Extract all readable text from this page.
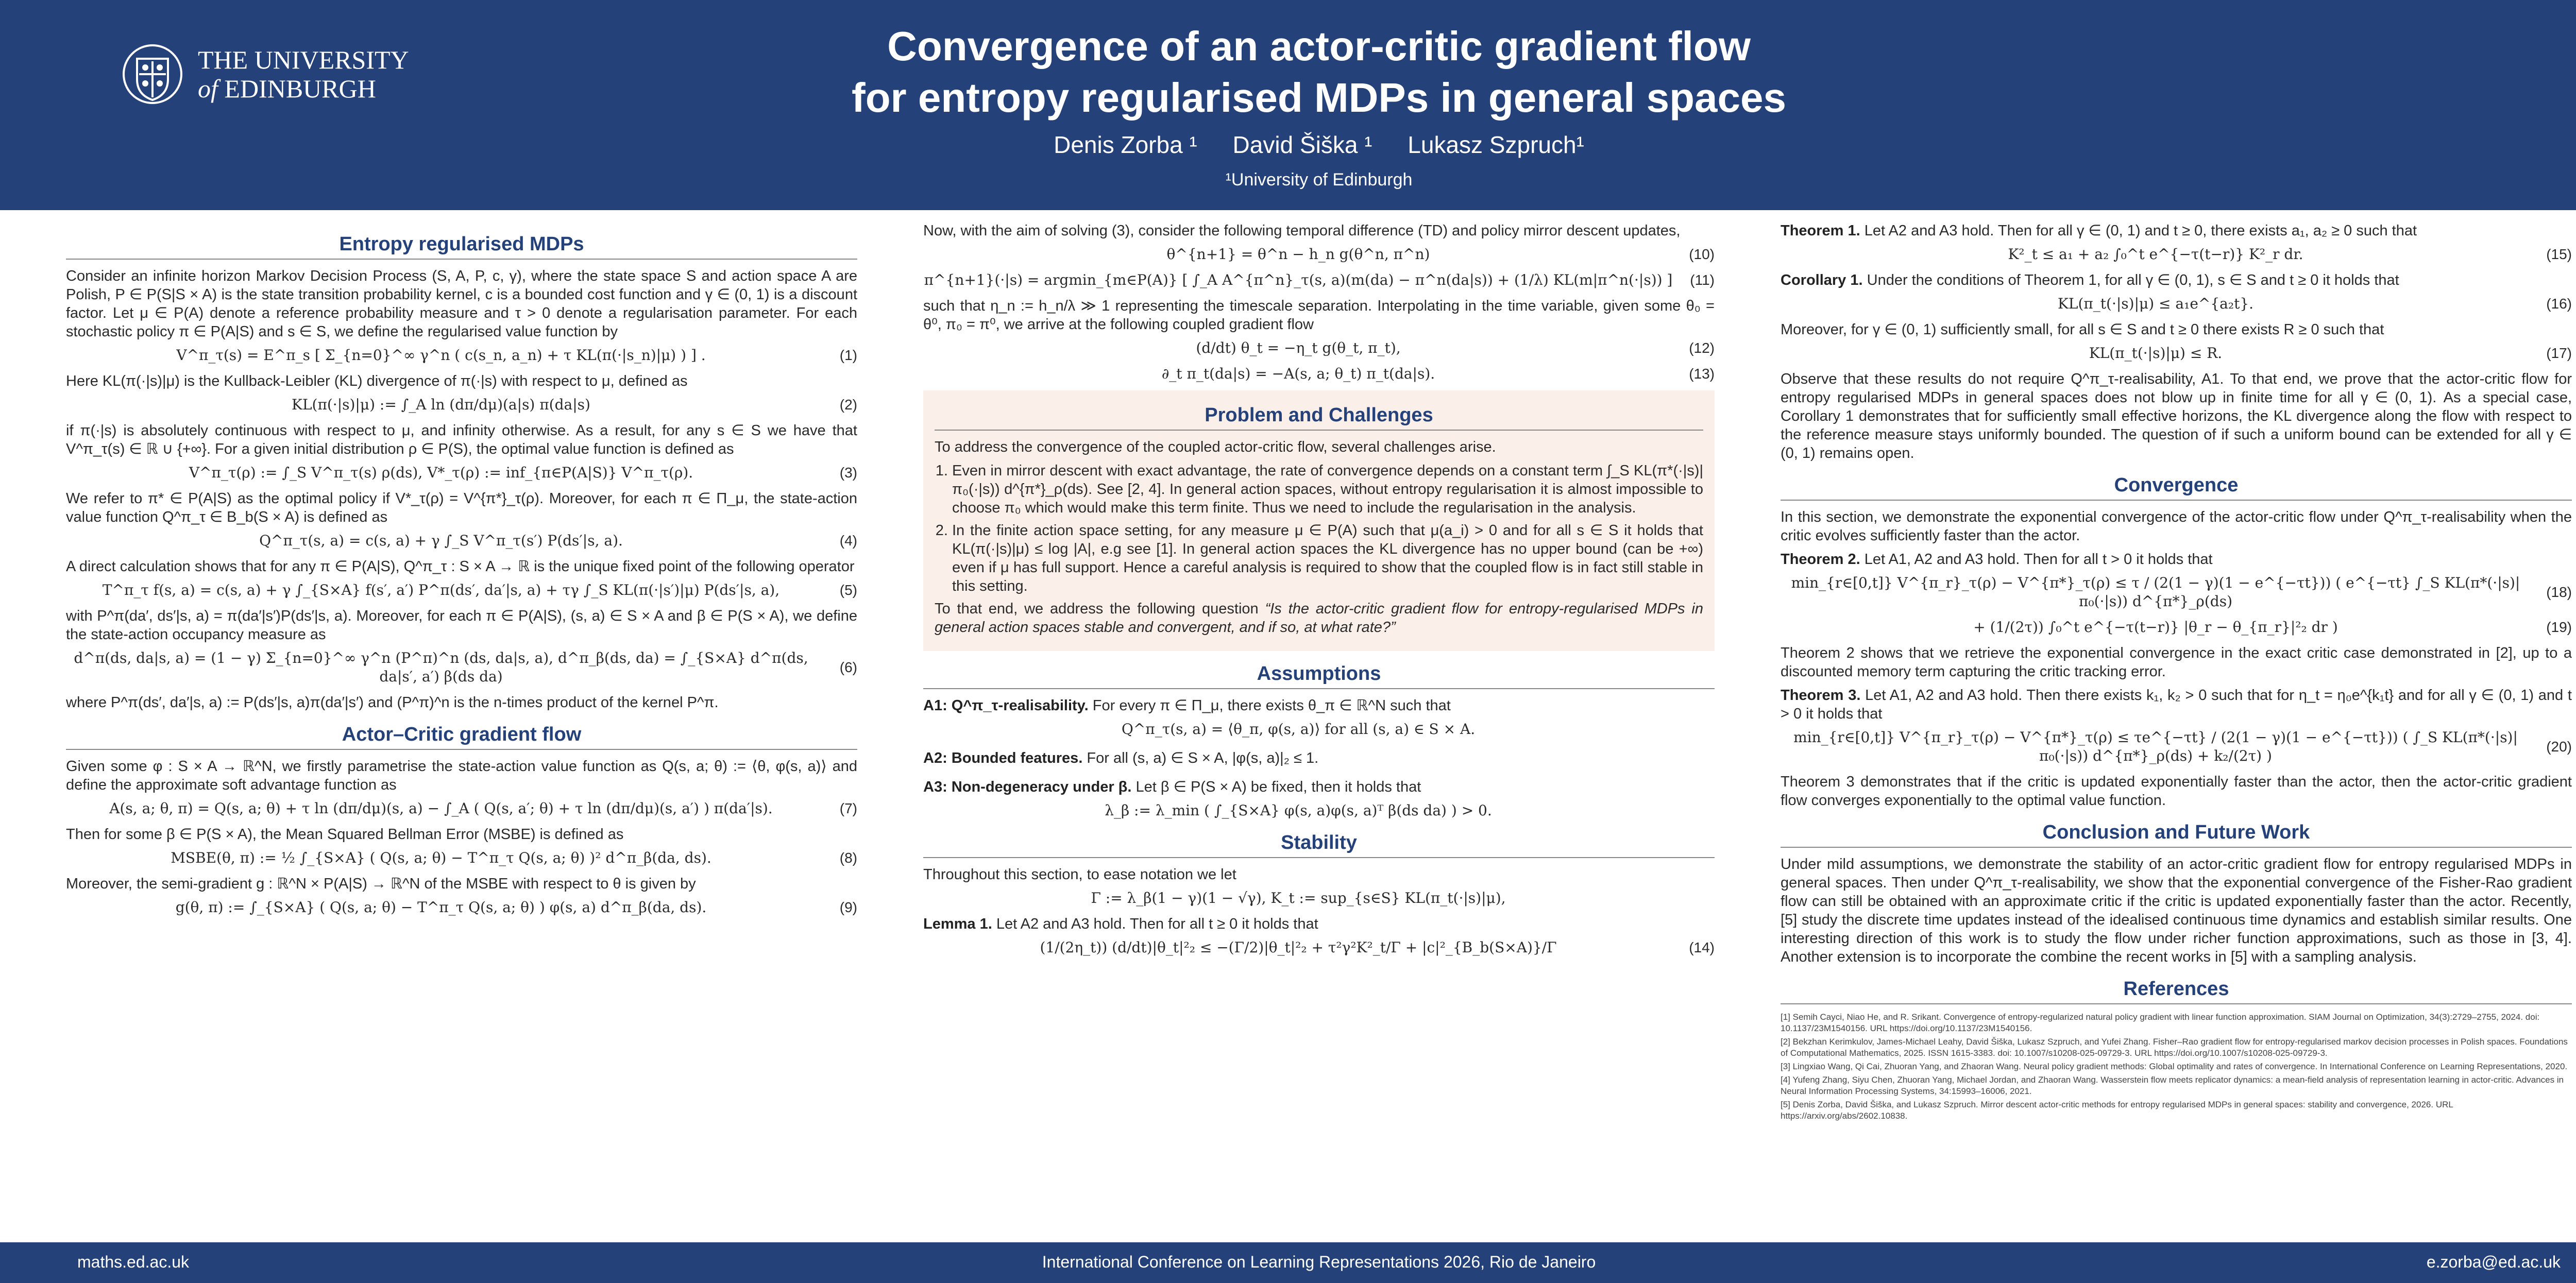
THE UNIVERSITY
of EDINBURGH
Convergence of an actor-critic gradient flow
for entropy regularised MDPs in general spaces
Denis Zorba ¹ David Šiška ¹ Lukasz Szpruch¹
¹University of Edinburgh
Entropy regularised MDPs

Consider an infinite horizon Markov Decision Process (S, A, P, c, γ), where the state space S and action space A are Polish, P ∈ P(S|S × A) is the state transition probability kernel, c is a bounded cost function and γ ∈ (0, 1) is a discount factor. Let μ ∈ P(A) denote a reference probability measure and τ > 0 denote a regularisation parameter. For each stochastic policy π ∈ P(A|S) and s ∈ S, we define the regularised value function by

V^π_τ(s) = E^π_s [ Σ_{n=0}^∞ γ^n ( c(s_n, a_n) + τ KL(π(·|s_n)|μ) ) ] .	(1)

Here KL(π(·|s)|μ) is the Kullback-Leibler (KL) divergence of π(·|s) with respect to μ, defined as

KL(π(·|s)|μ) := ∫_A ln (dπ/dμ)(a|s) π(da|s)	(2)

if π(·|s) is absolutely continuous with respect to μ, and infinity otherwise. As a result, for any s ∈ S we have that V^π_τ(s) ∈ ℝ ∪ {+∞}. For a given initial distribution ρ ∈ P(S), the optimal value function is defined as

V^π_τ(ρ) := ∫_S V^π_τ(s) ρ(ds), V*_τ(ρ) := inf_{π∈P(A|S)} V^π_τ(ρ).	(3)

We refer to π* ∈ P(A|S) as the optimal policy if V*_τ(ρ) = V^{π*}_τ(ρ). Moreover, for each π ∈ Π_μ, the state-action value function Q^π_τ ∈ B_b(S × A) is defined as

Q^π_τ(s, a) = c(s, a) + γ ∫_S V^π_τ(s′) P(ds′|s, a).	(4)

A direct calculation shows that for any π ∈ P(A|S), Q^π_τ : S × A → ℝ is the unique fixed point of the following operator

T^π_τ f(s, a) = c(s, a) + γ ∫_{S×A} f(s′, a′) P^π(ds′, da′|s, a) + τγ ∫_S KL(π(·|s′)|μ) P(ds′|s, a),	(5)

with P^π(da′, ds′|s, a) = π(da′|s′)P(ds′|s, a). Moreover, for each π ∈ P(A|S), (s, a) ∈ S × A and β ∈ P(S × A), we define the state-action occupancy measure as

d^π(ds, da|s, a) = (1 − γ) Σ_{n=0}^∞ γ^n (P^π)^n (ds, da|s, a), d^π_β(ds, da) = ∫_{S×A} d^π(ds, da|s′, a′) β(ds da)
(6)

where P^π(ds′, da′|s, a) := P(ds′|s, a)π(da′|s′) and (P^π)^n is the n-times product of the kernel P^π.

Actor–Critic gradient flow

Given some φ : S × A → ℝ^N, we firstly parametrise the state-action value function as Q(s, a; θ) := ⟨θ, φ(s, a)⟩ and define the approximate soft advantage function as

A(s, a; θ, π) = Q(s, a; θ) + τ ln (dπ/dμ)(s, a) − ∫_A ( Q(s, a′; θ) + τ ln (dπ/dμ)(s, a′) ) π(da′|s).	(7)

Then for some β ∈ P(S × A), the Mean Squared Bellman Error (MSBE) is defined as

MSBE(θ, π) := ½ ∫_{S×A} ( Q(s, a; θ) − T^π_τ Q(s, a; θ) )² d^π_β(da, ds).	(8)

Moreover, the semi-gradient g : ℝ^N × P(A|S) → ℝ^N of the MSBE with respect to θ is given by

g(θ, π) := ∫_{S×A} ( Q(s, a; θ) − T^π_τ Q(s, a; θ) ) φ(s, a) d^π_β(da, ds).	(9)

Now, with the aim of solving (3), consider the following temporal difference (TD) and policy mirror descent updates,

θ^{n+1} = θ^n − h_n g(θ^n, π^n)	(10)
π^{n+1}(·|s) = argmin_{m∈P(A)} [ ∫_A A^{π^n}_τ(s, a)(m(da) − π^n(da|s)) + (1/λ) KL(m|π^n(·|s)) ]	(11)

such that η_n := h_n/λ ≫ 1 representing the timescale separation. Interpolating in the time variable, given some θ₀ = θ⁰, π₀ = π⁰, we arrive at the following coupled gradient flow

(d/dt) θ_t = −η_t g(θ_t, π_t),	(12)
∂_t π_t(da|s) = −A(s, a; θ_t) π_t(da|s).	(13)
Problem and Challenges

To address the convergence of the coupled actor-critic flow, several challenges arise.

1. Even in mirror descent with exact advantage, the rate of convergence depends on a constant term ∫_S KL(π*(·|s)|π₀(·|s)) d^{π*}_ρ(ds). See [2, 4]. In general action spaces, without entropy regularisation it is almost impossible to choose π₀ which would make this term finite. Thus we need to include the regularisation in the analysis.
2. In the finite action space setting, for any measure μ ∈ P(A) such that μ(a_i) > 0 and for all s ∈ S it holds that KL(π(·|s)|μ) ≤ log |A|, e.g see [1]. In general action spaces the KL divergence has no upper bound (can be +∞) even if μ has full support. Hence a careful analysis is required to show that the coupled flow is in fact still stable in this setting.

To that end, we address the following question “Is the actor-critic gradient flow for entropy-regularised MDPs in general action spaces stable and convergent, and if so, at what rate?”

Assumptions

A1: Q^π_τ-realisability. For every π ∈ Π_μ, there exists θ_π ∈ ℝ^N such that

Q^π_τ(s, a) = ⟨θ_π, φ(s, a)⟩ for all (s, a) ∈ S × A.

A2: Bounded features. For all (s, a) ∈ S × A, |φ(s, a)|₂ ≤ 1.

A3: Non-degeneracy under β. Let β ∈ P(S × A) be fixed, then it holds that

λ_β := λ_min ( ∫_{S×A} φ(s, a)φ(s, a)ᵀ β(ds da) ) > 0.
Stability

Throughout this section, to ease notation we let

Γ := λ_β(1 − γ)(1 − √γ), K_t := sup_{s∈S} KL(π_t(·|s)|μ),

Lemma 1. Let A2 and A3 hold. Then for all t ≥ 0 it holds that

(1/(2η_t)) (d/dt)|θ_t|²₂ ≤ −(Γ/2)|θ_t|²₂ + τ²γ²K²_t/Γ + |c|²_{B_b(S×A)}/Γ	(14)

Theorem 1. Let A2 and A3 hold. Then for all γ ∈ (0, 1) and t ≥ 0, there exists a₁, a₂ ≥ 0 such that

K²_t ≤ a₁ + a₂ ∫₀^t e^{−τ(t−r)} K²_r dr.	(15)

Corollary 1. Under the conditions of Theorem 1, for all γ ∈ (0, 1), s ∈ S and t ≥ 0 it holds that

KL(π_t(·|s)|μ) ≤ a₁e^{a₂t}.	(16)

Moreover, for γ ∈ (0, 1) sufficiently small, for all s ∈ S and t ≥ 0 there exists R ≥ 0 such that

KL(π_t(·|s)|μ) ≤ R.	(17)

Observe that these results do not require Q^π_τ-realisability, A1. To that end, we prove that the actor-critic flow for entropy regularised MDPs in general spaces does not blow up in finite time for all γ ∈ (0, 1). As a special case, Corollary 1 demonstrates that for sufficiently small effective horizons, the KL divergence along the flow with respect to the reference measure stays uniformly bounded. The question of if such a uniform bound can be extended for all γ ∈ (0, 1) remains open.

Convergence

In this section, we demonstrate the exponential convergence of the actor-critic flow under Q^π_τ-realisability when the critic evolves sufficiently faster than the actor.

Theorem 2. Let A1, A2 and A3 hold. Then for all t > 0 it holds that

min_{r∈[0,t]} V^{π_r}_τ(ρ) − V^{π*}_τ(ρ) ≤ τ / (2(1 − γ)(1 − e^{−τt})) ( e^{−τt} ∫_S KL(π*(·|s)|π₀(·|s)) d^{π*}_ρ(ds)
(18)
+ (1/(2τ)) ∫₀^t e^{−τ(t−r)} |θ_r − θ_{π_r}|²₂ dr )	(19)

Theorem 2 shows that we retrieve the exponential convergence in the exact critic case demonstrated in [2], up to a discounted memory term capturing the critic tracking error.

Theorem 3. Let A1, A2 and A3 hold. Then there exists k₁, k₂ > 0 such that for η_t = η₀e^{k₁t} and for all γ ∈ (0, 1) and t > 0 it holds that

min_{r∈[0,t]} V^{π_r}_τ(ρ) − V^{π*}_τ(ρ) ≤ τe^{−τt} / (2(1 − γ)(1 − e^{−τt})) ( ∫_S KL(π*(·|s)|π₀(·|s)) d^{π*}_ρ(ds) + k₂/(2τ) )
(20)

Theorem 3 demonstrates that if the critic is updated exponentially faster than the actor, then the actor-critic gradient flow converges exponentially to the optimal value function.

Conclusion and Future Work

Under mild assumptions, we demonstrate the stability of an actor-critic gradient flow for entropy regularised MDPs in general spaces. Then under Q^π_τ-realisability, we show that the exponential convergence of the Fisher-Rao gradient flow can still be obtained with an approximate critic if the critic is updated exponentially faster than the actor. Recently, [5] study the discrete time updates instead of the idealised continuous time dynamics and establish similar results. One interesting direction of this work is to study the flow under richer function approximations, such as those in [3, 4]. Another extension is to incorporate the combine the recent works in [5] with a sampling analysis.

References
[1] Semih Cayci, Niao He, and R. Srikant. Convergence of entropy-regularized natural policy gradient with linear function approximation. SIAM Journal on Optimization, 34(3):2729–2755, 2024. doi: 10.1137/23M1540156. URL https://doi.org/10.1137/23M1540156.
[2] Bekzhan Kerimkulov, James-Michael Leahy, David Šiška, Lukasz Szpruch, and Yufei Zhang. Fisher–Rao gradient flow for entropy-regularised markov decision processes in Polish spaces. Foundations of Computational Mathematics, 2025. ISSN 1615-3383. doi: 10.1007/s10208-025-09729-3. URL https://doi.org/10.1007/s10208-025-09729-3.
[3] Lingxiao Wang, Qi Cai, Zhuoran Yang, and Zhaoran Wang. Neural policy gradient methods: Global optimality and rates of convergence. In International Conference on Learning Representations, 2020.
[4] Yufeng Zhang, Siyu Chen, Zhuoran Yang, Michael Jordan, and Zhaoran Wang. Wasserstein flow meets replicator dynamics: a mean-field analysis of representation learning in actor-critic. Advances in Neural Information Processing Systems, 34:15993–16006, 2021.
[5] Denis Zorba, David Šiška, and Lukasz Szpruch. Mirror descent actor-critic methods for entropy regularised MDPs in general spaces: stability and convergence, 2026. URL https://arxiv.org/abs/2602.10838.
maths.ed.ac.uk	International Conference on Learning Representations 2026, Rio de Janeiro	e.zorba@ed.ac.uk
